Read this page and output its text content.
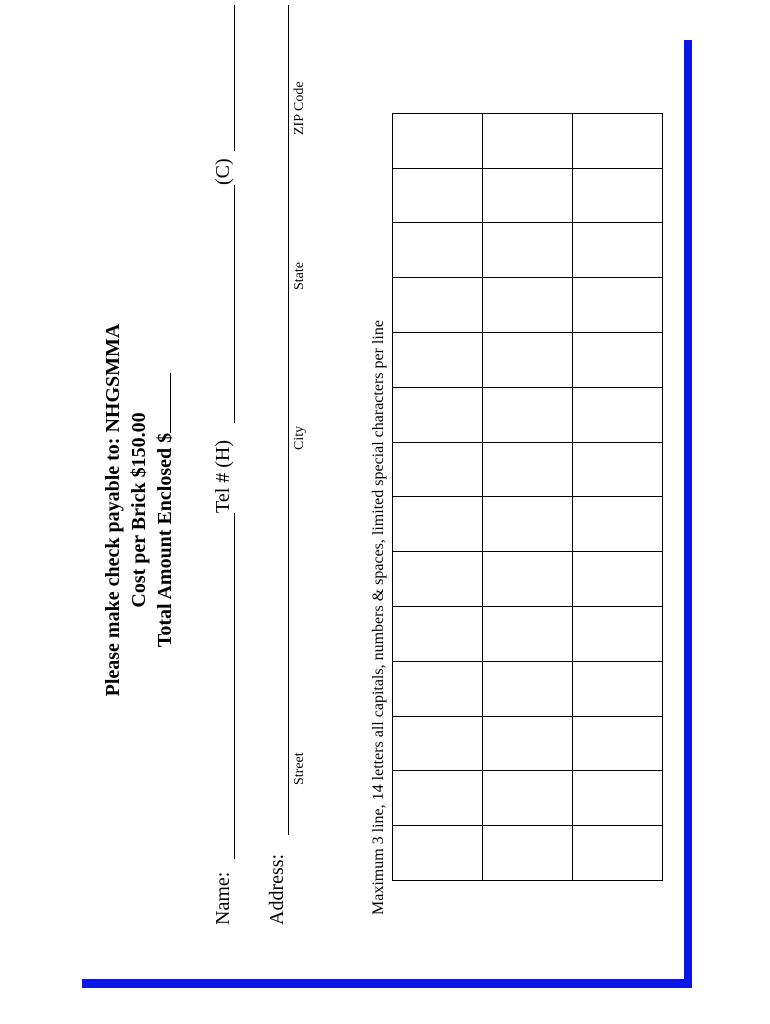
Please make check payable to: NHGSMMA Cost per Brick $150.00 Total Amount Enclosed $
Name:
Tel # (H)
(C)
Address:
Street
City
State
ZIP Code
Maximum 3 line, 14 letters all capitals, numbers & spaces, limited special characters per line
